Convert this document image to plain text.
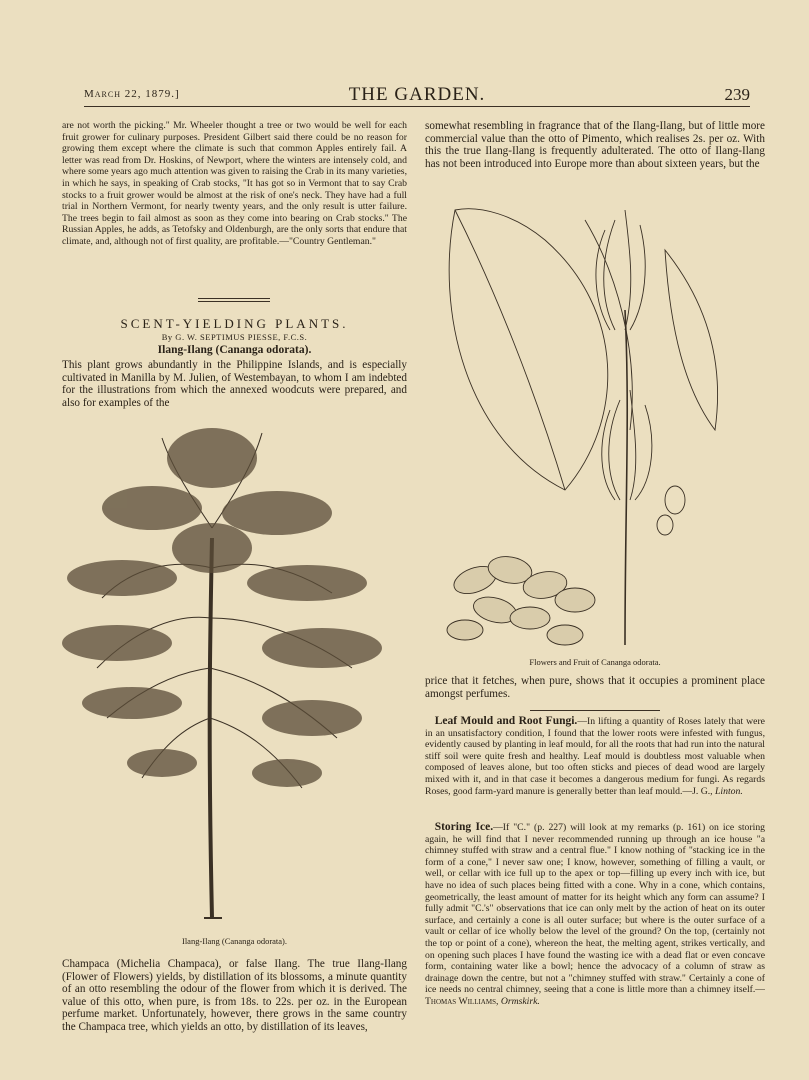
March 22, 1879.]	THE GARDEN.	239

are not worth the picking." Mr. Wheeler thought a tree or two would be well for each fruit grower for culinary purposes. President Gilbert said there could be no reason for growing them except where the climate is such that common Apples entirely fail. A letter was read from Dr. Hoskins, of Newport, where the winters are intensely cold, and where some years ago much attention was given to raising the Crab in its many varieties, in which he says, in speaking of Crab stocks, "It has got so in Vermont that to say Crab stocks to a fruit grower would be almost at the risk of one's neck. They have had a full trial in Northern Vermont, for nearly twenty years, and the only result is utter failure. The trees begin to fail almost as soon as they come into bearing on Crab stocks." The Russian Apples, he adds, as Tetofsky and Oldenburgh, are the only sorts that endure that climate, and, although not of first quality, are profitable.—"Country Gentleman."

SCENT-YIELDING PLANTS.
By G. W. SEPTIMUS PIESSE, F.C.S.
Ilang-Ilang (Cananga odorata).

This plant grows abundantly in the Philippine Islands, and is especially cultivated in Manilla by M. Julien, of Westembayan, to whom I am indebted for the illustrations from which the annexed woodcuts were prepared, and also for examples of the

Ilang-Ilang (Cananga odorata).

Champaca (Michelia Champaca), or false Ilang. The true Ilang-Ilang (Flower of Flowers) yields, by distillation of its blossoms, a minute quantity of an otto resembling the odour of the flower from which it is derived. The value of this otto, when pure, is from 18s. to 22s. per oz. in the European perfume market. Unfortunately, however, there grows in the same country the Champaca tree, which yields an otto, by distillation of its leaves,

somewhat resembling in fragrance that of the Ilang-Ilang, but of little more commercial value than the otto of Pimento, which realises 2s. per oz. With this the true Ilang-Ilang is frequently adulterated. The otto of Ilang-Ilang has not been introduced into Europe more than about sixteen years, but the

Flowers and Fruit of Cananga odorata.

price that it fetches, when pure, shows that it occupies a prominent place amongst perfumes.

 Leaf Mould and Root Fungi.—In lifting a quantity of Roses lately that were in an unsatisfactory condition, I found that the lower roots were infested with fungus, evidently caused by planting in leaf mould, for all the roots that had run into the natural stiff soil were quite fresh and healthy. Leaf mould is doubtless most valuable when composed of leaves alone, but too often sticks and pieces of dead wood are largely mixed with it, and in that case it becomes a dangerous medium for fungi. As regards Roses, good farm-yard manure is generally better than leaf mould.—J. G., Linton.

 Storing Ice.—If "C." (p. 227) will look at my remarks (p. 161) on ice storing again, he will find that I never recommended running up through an ice house "a chimney stuffed with straw and a central flue." I know nothing of "stacking ice in the form of a cone," I never saw one; I know, however, something of filling a vault, or well, or cellar with ice full up to the apex or top—filling up every inch with ice, but have no idea of such places being fitted with a cone. Why in a cone, which contains, geometrically, the least amount of matter for its height which any form can assume? I fully admit "C.'s" observations that ice can only melt by the action of heat on its outer surface, and certainly a cone is all outer surface; but where is the outer surface of a vault or cellar of ice wholly below the level of the ground? On the top, (certainly not the top or point of a cone), whereon the heat, the melting agent, strikes vertically, and on opening such places I have found the wasting ice with a dead flat or even concave form, containing water like a bowl; hence the advocacy of a column of straw as drainage down the centre, but not a "chimney stuffed with straw." Certainly a cone of ice needs no central chimney, seeing that a cone is little more than a chimney itself.—Thomas Williams, Ormskirk.
